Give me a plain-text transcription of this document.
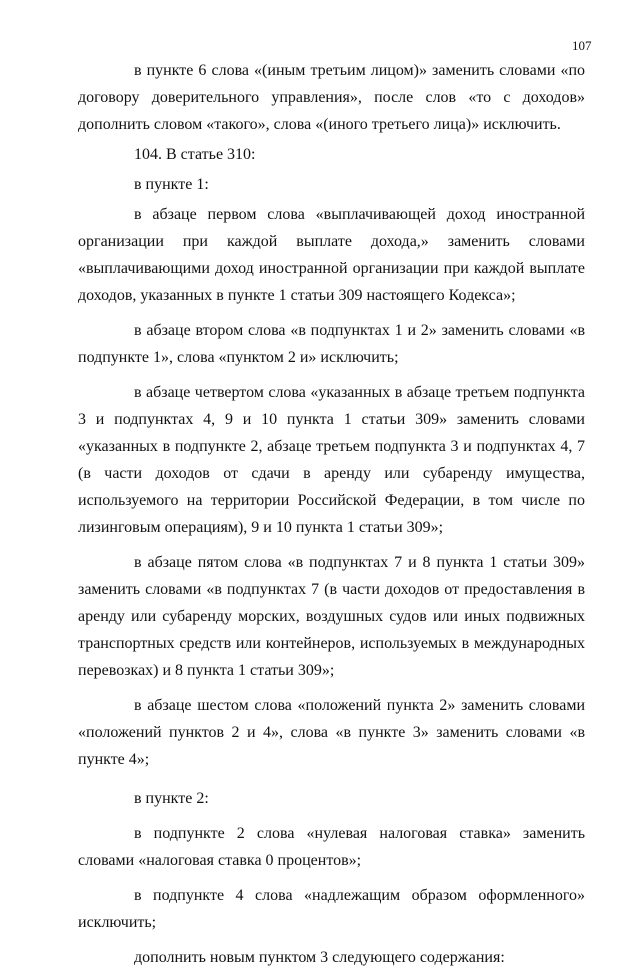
107

в пункте 6 слова «(иным третьим лицом)» заменить словами «по договору доверительного управления», после слов «то с доходов» дополнить словом «такого», слова «(иного третьего лица)» исключить.

104. В статье 310:

в пункте 1:

в абзаце первом слова «выплачивающей доход иностранной организации при каждой выплате дохода,» заменить словами «выплачивающими доход иностранной организации при каждой выплате доходов, указанных в пункте 1 статьи 309 настоящего Кодекса»;

в абзаце втором слова «в подпунктах 1 и 2» заменить словами «в подпункте 1», слова «пунктом 2 и» исключить;

в абзаце четвертом слова «указанных в абзаце третьем подпункта 3 и подпунктах 4, 9 и 10 пункта 1 статьи 309» заменить словами «указанных в подпункте 2, абзаце третьем подпункта 3 и подпунктах 4, 7 (в части доходов от сдачи в аренду или субаренду имущества, используемого на территории Российской Федерации, в том числе по лизинговым операциям), 9 и 10 пункта 1 статьи 309»;

в абзаце пятом слова «в подпунктах 7 и 8 пункта 1 статьи 309» заменить словами «в подпунктах 7 (в части доходов от предоставления в аренду или субаренду морских, воздушных судов или иных подвижных транспортных средств или контейнеров, используемых в международных перевозках) и 8 пункта 1 статьи 309»;

в абзаце шестом слова «положений пункта 2» заменить словами «положений пунктов 2 и 4», слова «в пункте 3» заменить словами «в пункте 4»;

в пункте 2:

в подпункте 2 слова «нулевая налоговая ставка» заменить словами «налоговая ставка 0 процентов»;

в подпункте 4 слова «надлежащим образом оформленного» исключить;

дополнить новым пунктом 3 следующего содержания:
